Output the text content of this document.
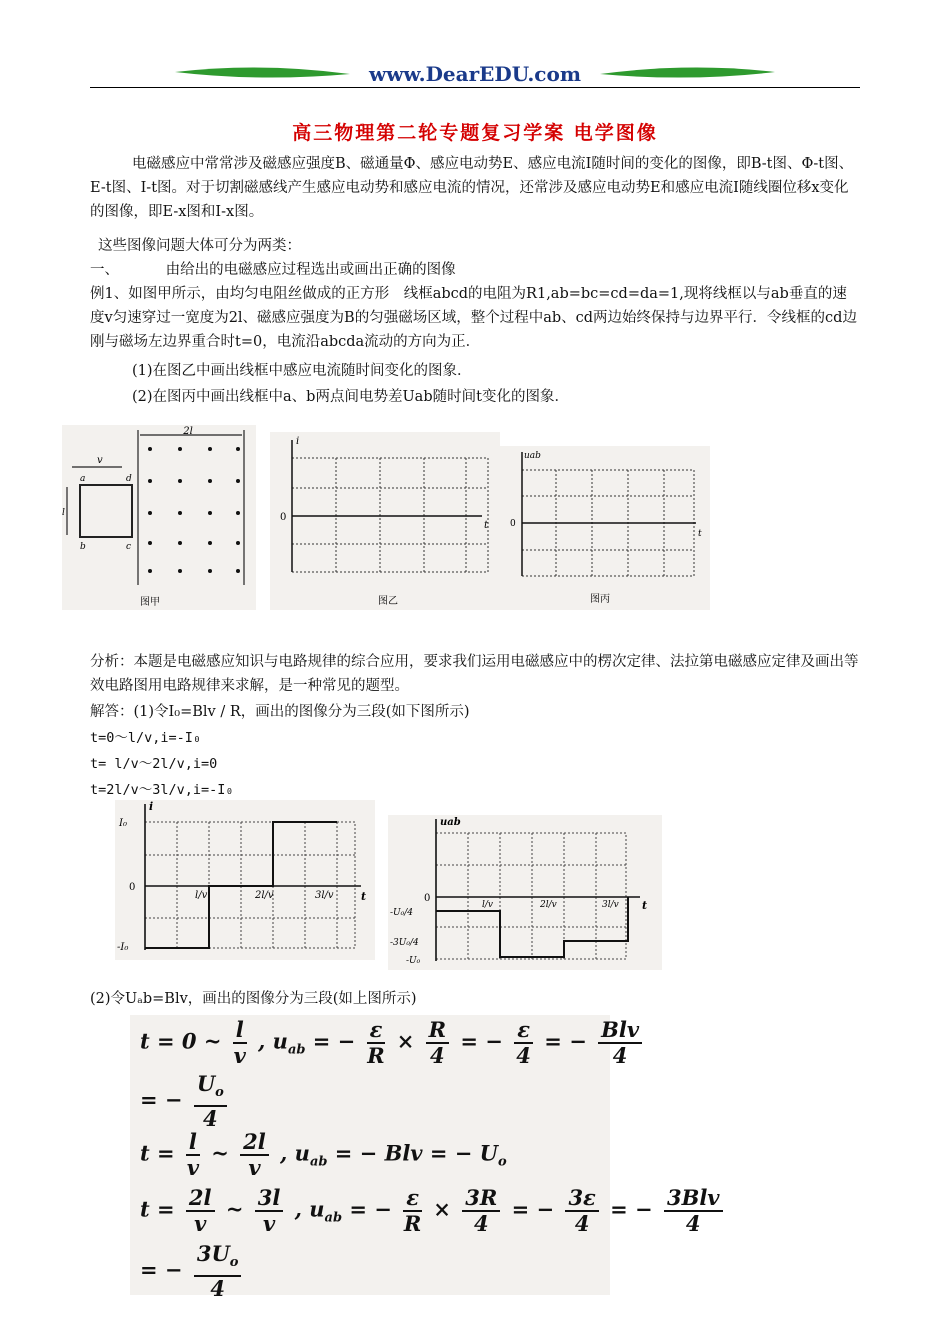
www.DearEDU.com
高三物理第二轮专题复习学案 电学图像
电磁感应中常常涉及磁感应强度B、磁通量Φ、感应电动势E、感应电流I随时间的变化的图像，即B-t图、Φ-t图、E-t图、I-t图。对于切割磁感线产生感应电动势和感应电流的情况，还常涉及感应电动势E和感应电流I随线圈位移x变化的图像，即E-x图和I-x图。
这些图像问题大体可分为两类：
一、	由给出的电磁感应过程选出或画出正确的图像
例1、如图甲所示，由均匀电阻丝做成的正方形　线框abcd的电阻为R1,ab=bc=cd=da=1,现将线框以与ab垂直的速度v匀速穿过一宽度为2l、磁感应强度为B的匀强磁场区域，整个过程中ab、cd两边始终保持与边界平行．令线框的cd边刚与磁场左边界重合时t=0，电流沿abcda流动的方向为正．
(1)在图乙中画出线框中感应电流随时间变化的图象．
(2)在图丙中画出线框中a、b两点间电势差Uab随时间t变化的图象．
2l
v
a	d
b	c
l
图甲
i
t
0
图乙
uab
t
0
图丙
分析：本题是电磁感应知识与电路规律的综合应用，要求我们运用电磁感应中的楞次定律、法拉第电磁感应定律及画出等效电路图用电路规律来求解，是一种常见的题型。
解答：(1)令I₀=Blv / R，画出的图像分为三段(如下图所示)
t=0～l/v,i=-I₀
t= l/v～2l/v,i=0
t=2l/v～3l/v,i=-I₀
i
t
I₀
0
-I₀
l/v	2l/v	3l/v
uab
t
0
-U₀/4
-3U₀/4
-U₀
l/v	2l/v	3l/v
(2)令Uₐb=Blv，画出的图像分为三段(如上图所示)
t = 0 ~ $\frac{l}{v}$ , $u_{ab}$ = − $\frac{\varepsilon}{R} \times \frac{R}{4}$ = − $\frac{\varepsilon}{4}$ = − $\frac{\text{Blv}}{4}$
= − $\frac{U_o}{4}$
$t = \frac{l}{v}$ ~ $\frac{2l}{v}$ , $u_{ab}$ = − Blv = − $U_o$
$t = \frac{2l}{v}$ ~ $\frac{3l}{v}$ , $u_{ab}$ = − $\frac{\varepsilon}{R} \times \frac{3R}{4}$ = − $\frac{3\varepsilon}{4}$ = − $\frac{\text{3Blv}}{4}$
= − $\frac{3U_o}{4}$
